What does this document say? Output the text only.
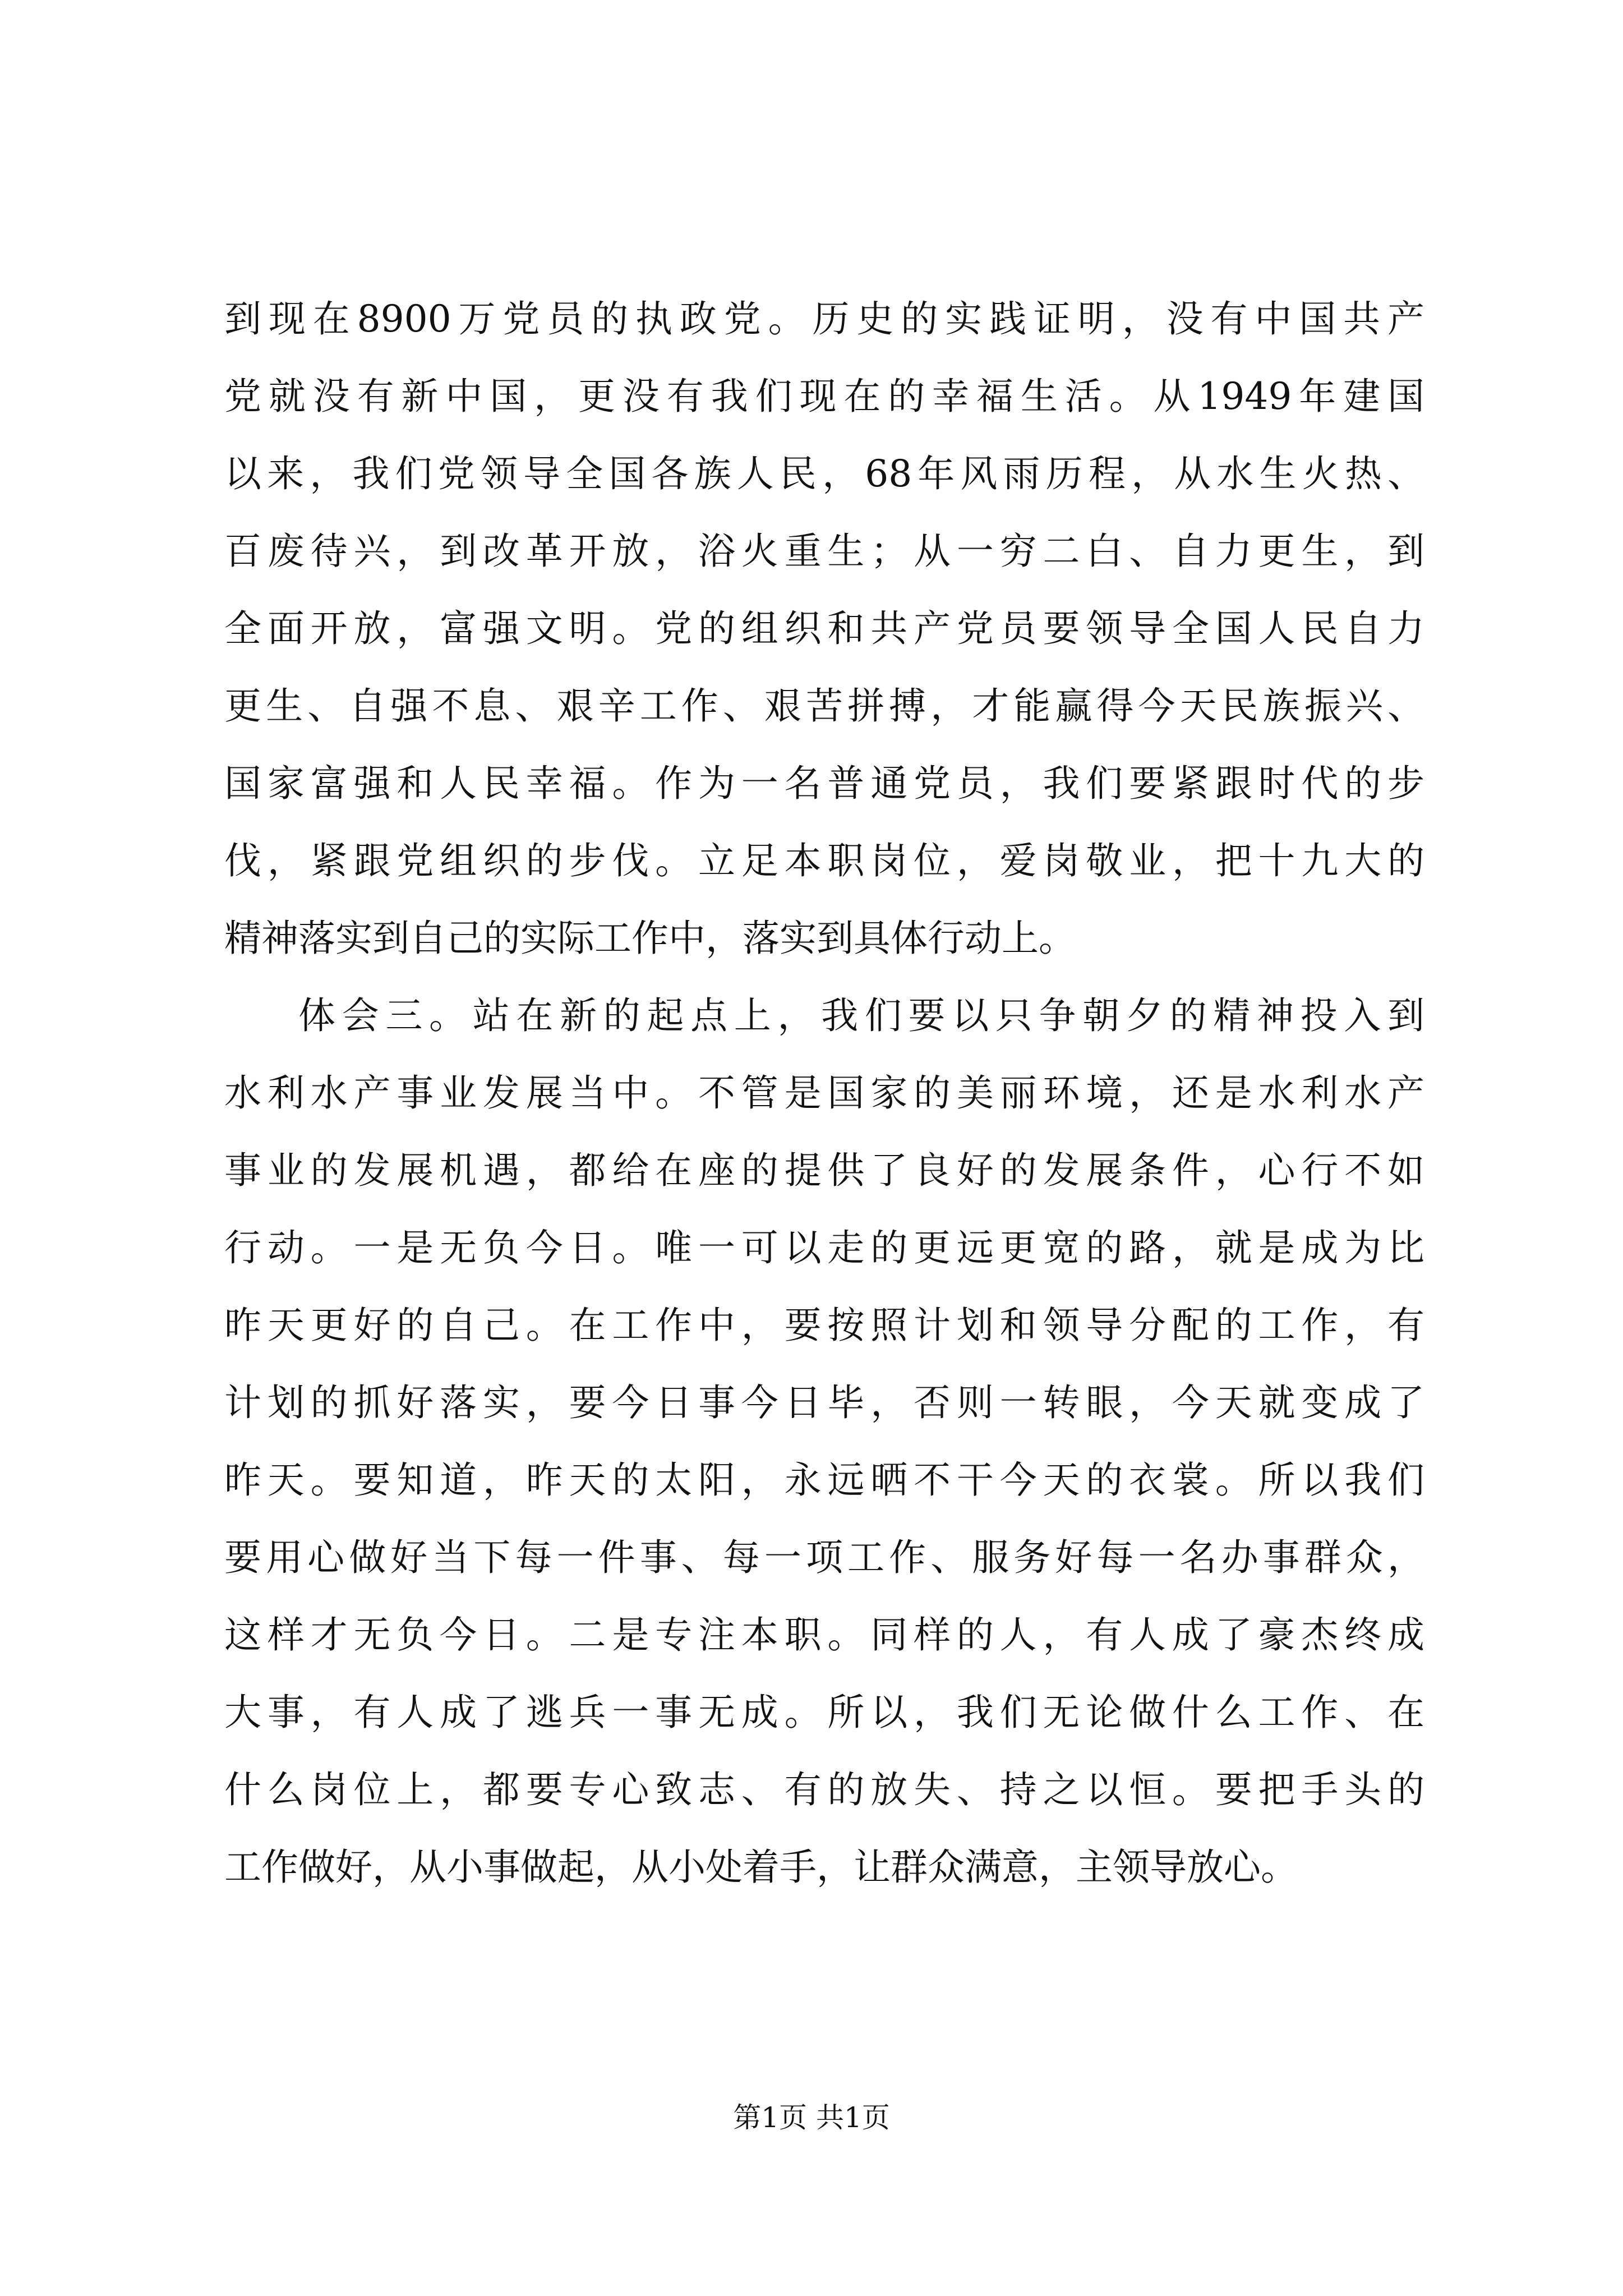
到现在8900万党员的执政党。历史的实践证明，没有中国共产
党就没有新中国，更没有我们现在的幸福生活。从1949年建国
以来，我们党领导全国各族人民，68年风雨历程，从水生火热、
百废待兴，到改革开放，浴火重生；从一穷二白、自力更生，到
全面开放，富强文明。党的组织和共产党员要领导全国人民自力
更生、自强不息、艰辛工作、艰苦拼搏，才能赢得今天民族振兴、
国家富强和人民幸福。作为一名普通党员，我们要紧跟时代的步
伐，紧跟党组织的步伐。立足本职岗位，爱岗敬业，把十九大的
精神落实到自己的实际工作中，落实到具体行动上。
体会三。站在新的起点上，我们要以只争朝夕的精神投入到
水利水产事业发展当中。不管是国家的美丽环境，还是水利水产
事业的发展机遇，都给在座的提供了良好的发展条件，心行不如
行动。一是无负今日。唯一可以走的更远更宽的路，就是成为比
昨天更好的自己。在工作中，要按照计划和领导分配的工作，有
计划的抓好落实，要今日事今日毕，否则一转眼，今天就变成了
昨天。要知道，昨天的太阳，永远晒不干今天的衣裳。所以我们
要用心做好当下每一件事、每一项工作、服务好每一名办事群众，
这样才无负今日。二是专注本职。同样的人，有人成了豪杰终成
大事，有人成了逃兵一事无成。所以，我们无论做什么工作、在
什么岗位上，都要专心致志、有的放失、持之以恒。要把手头的
工作做好，从小事做起，从小处着手，让群众满意，主领导放心。
第1页 共1页
